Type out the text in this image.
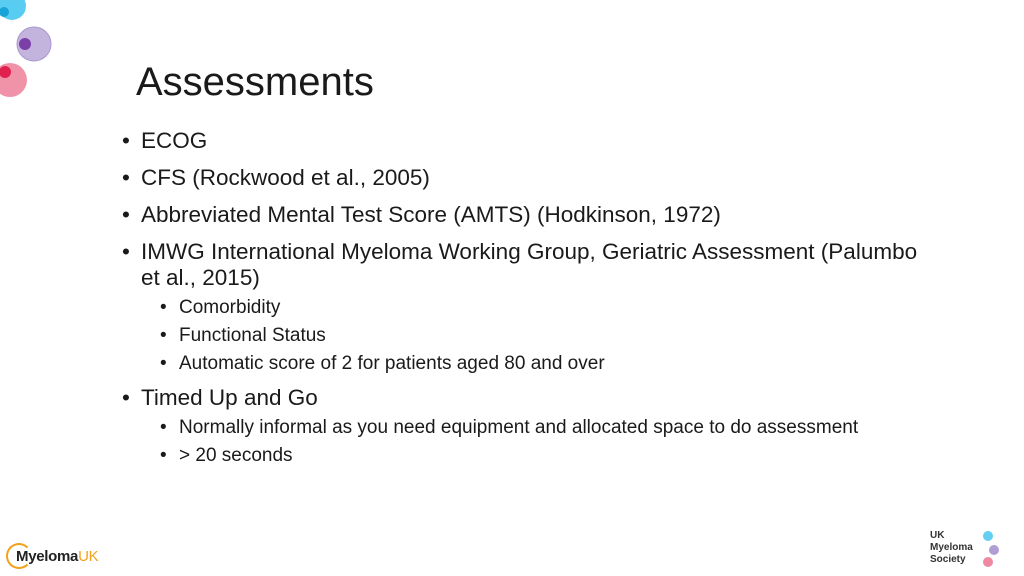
Assessments
• ECOG
• CFS (Rockwood et al., 2005)
• Abbreviated Mental Test Score (AMTS) (Hodkinson, 1972)
• IMWG International Myeloma Working Group, Geriatric Assessment (Palumbo et al., 2015)
• Comorbidity
• Functional Status
• Automatic score of 2 for patients aged 80 and over
• Timed Up and Go
• Normally informal as you need equipment and allocated space to do assessment
• > 20 seconds
MyelomaUK
UK
Myeloma
Society
